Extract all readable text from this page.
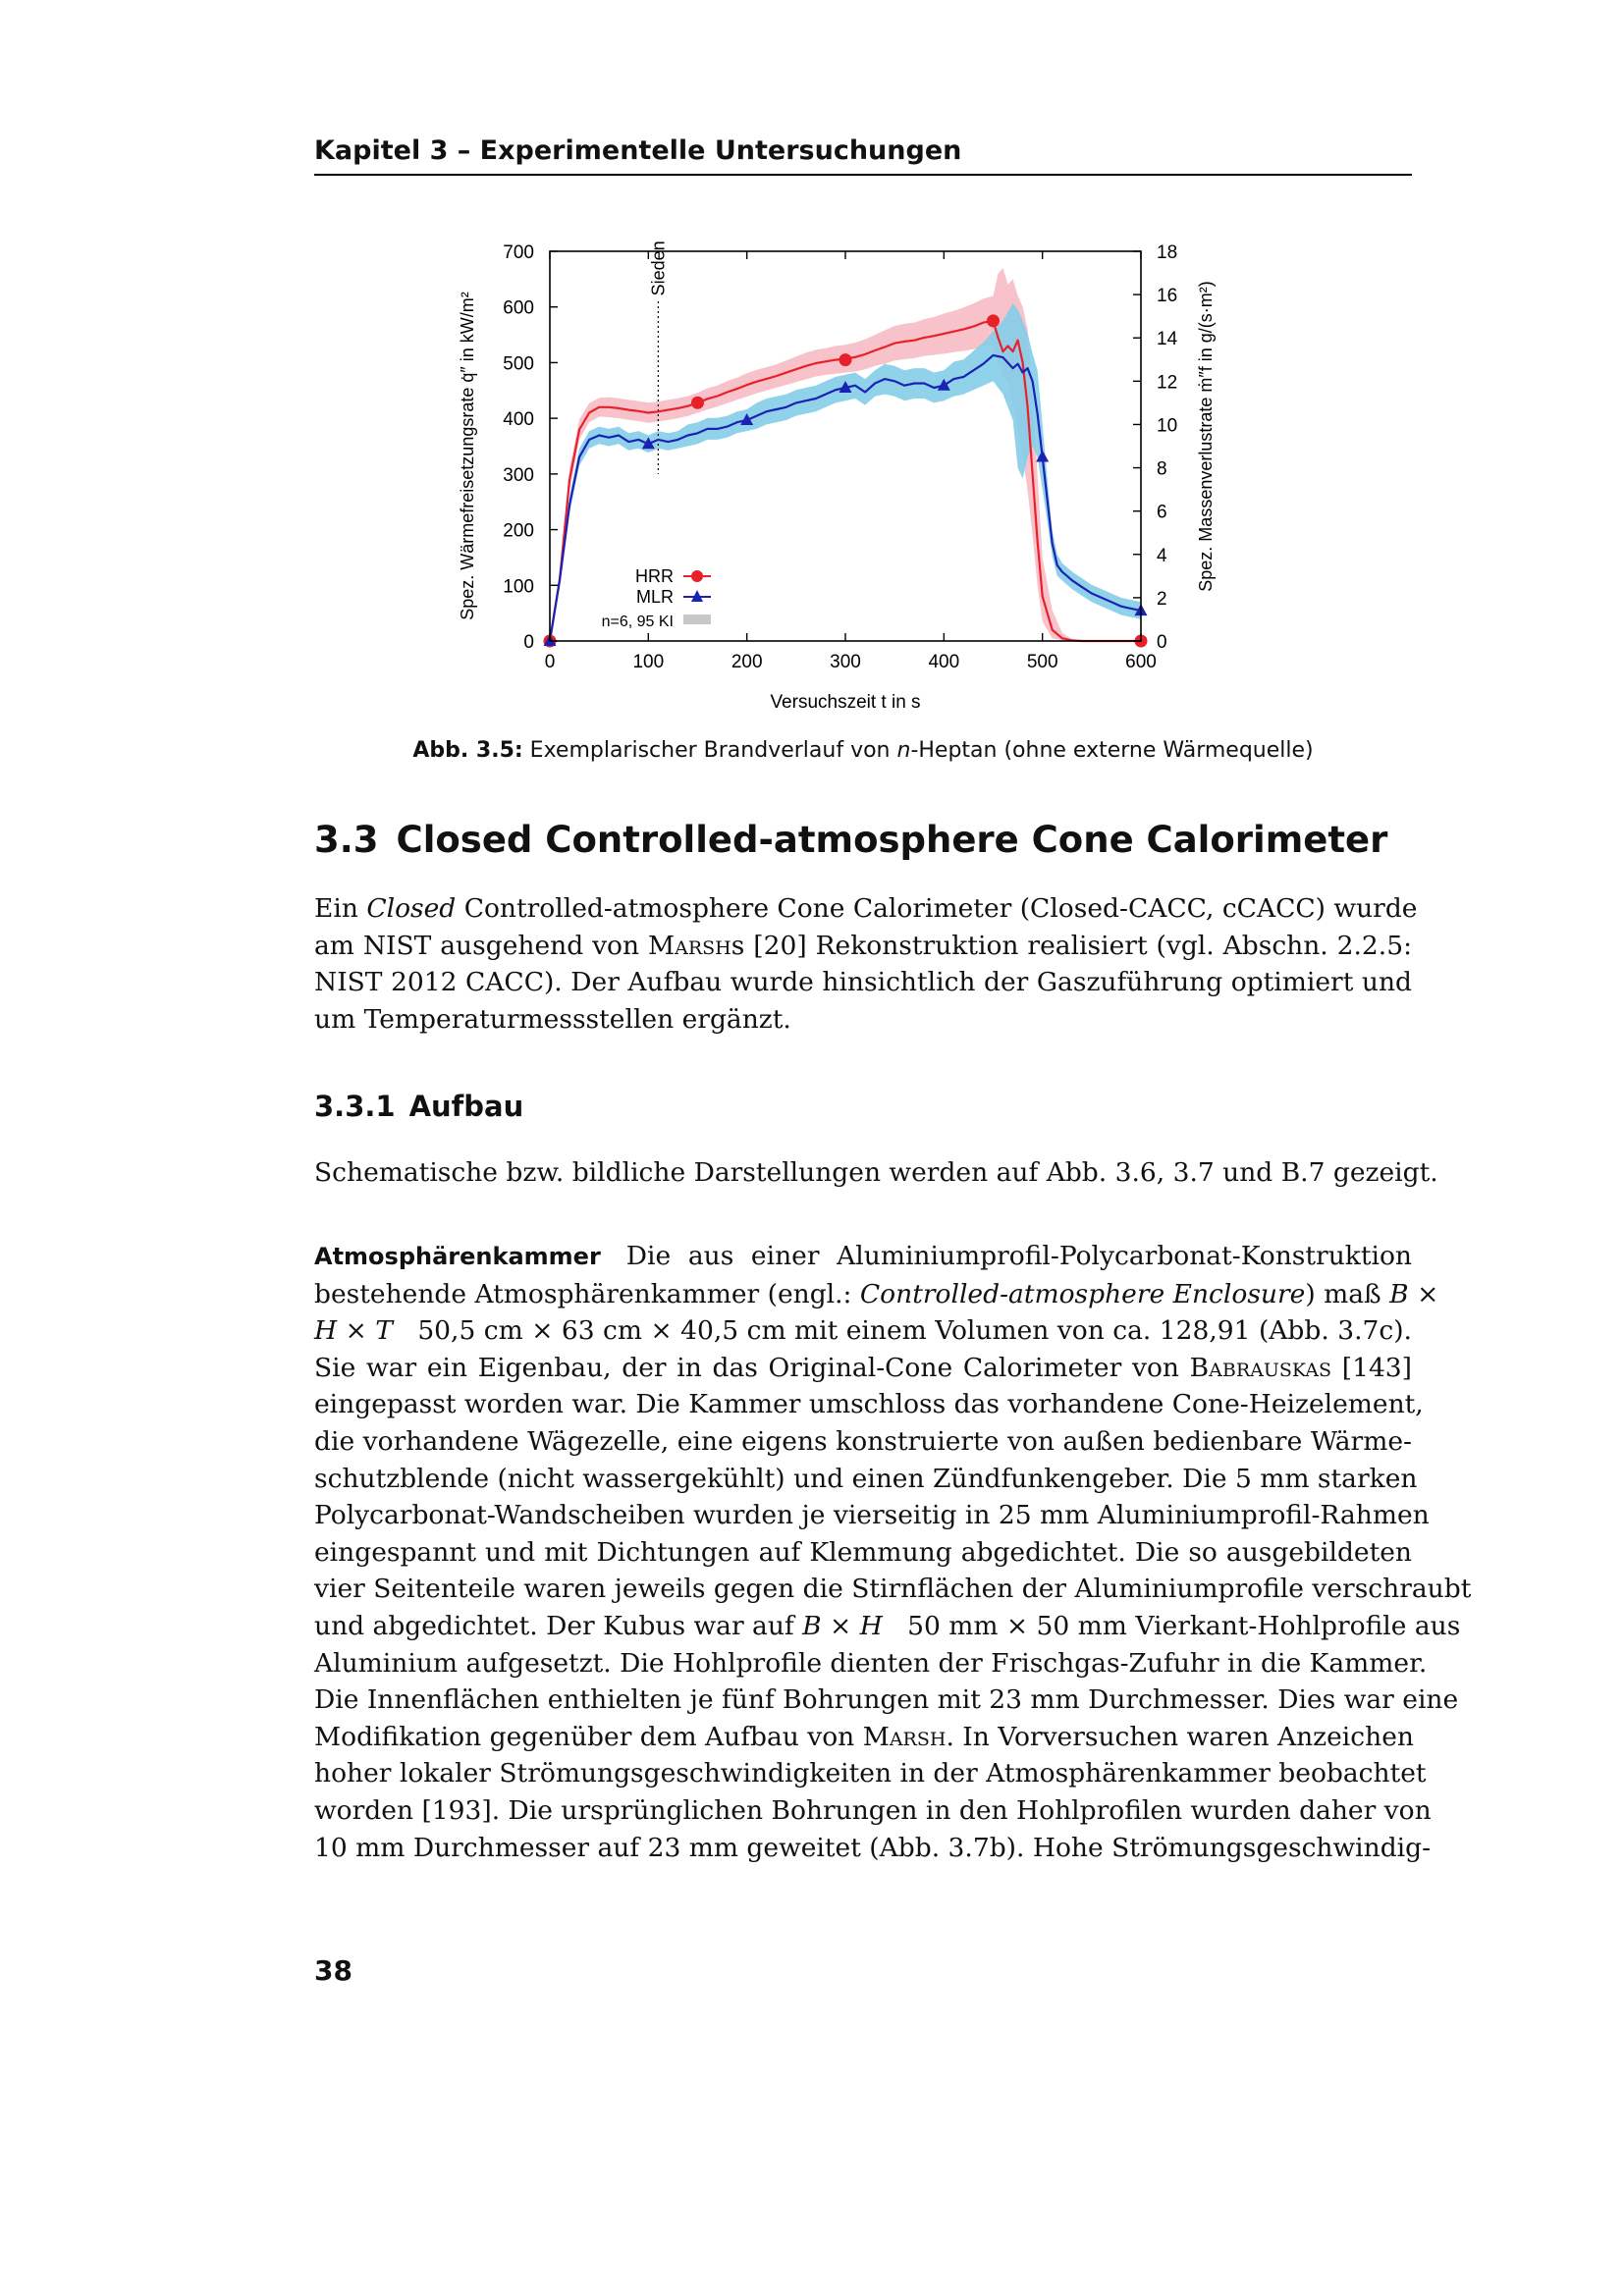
Kapitel 3 – Experimentelle Untersuchungen
Sieden
0	100	200	300	400	500	600
0
100
200
300
400
500
600
700
0
2
4
6
8
10
12
14
16
18
Versuchszeit t in s
Spez. Wärmefreisetzungsrate q̇″ in kW/m²	Spez. Massenverlustrate ṁ″f in g/(s·m²)
HRR
MLR
n=6, 95 KI
Abb. 3.5: Exemplarischer Brandverlauf von n-Heptan (ohne externe Wärmequelle)
3.3 Closed Controlled-atmosphere Cone Calorimeter
Ein Closed Controlled-atmosphere Cone Calorimeter (Closed-CACC, cCACC) wurde
am NIST ausgehend von Marshs [20] Rekonstruktion realisiert (vgl. Abschn. 2.2.5:
NIST 2012 CACC). Der Aufbau wurde hinsichtlich der Gaszuführung optimiert und
um Temperaturmessstellen ergänzt.
3.3.1 Aufbau
Schematische bzw. bildliche Darstellungen werden auf Abb. 3.6, 3.7 und B.7 gezeigt.
Atmosphärenkammer Die aus einer Aluminiumprofil-Polycarbonat-Konstruktion
bestehende Atmosphärenkammer (engl.: Controlled-atmosphere Enclosure) maß B ×
H × T   50,5 cm × 63 cm × 40,5 cm mit einem Volumen von ca. 128,91 (Abb. 3.7c).
Sie war ein Eigenbau, der in das Original-Cone Calorimeter von Babrauskas [143]
eingepasst worden war. Die Kammer umschloss das vorhandene Cone-Heizelement,
die vorhandene Wägezelle, eine eigens konstruierte von außen bedienbare Wärme-
schutzblende (nicht wassergekühlt) und einen Zündfunkengeber. Die 5 mm starken
Polycarbonat-Wandscheiben wurden je vierseitig in 25 mm Aluminiumprofil-Rahmen
eingespannt und mit Dichtungen auf Klemmung abgedichtet. Die so ausgebildeten
vier Seitenteile waren jeweils gegen die Stirnflächen der Aluminiumprofile verschraubt
und abgedichtet. Der Kubus war auf B × H   50 mm × 50 mm Vierkant-Hohlprofile aus
Aluminium aufgesetzt. Die Hohlprofile dienten der Frischgas-Zufuhr in die Kammer.
Die Innenflächen enthielten je fünf Bohrungen mit 23 mm Durchmesser. Dies war eine
Modifikation gegenüber dem Aufbau von Marsh. In Vorversuchen waren Anzeichen
hoher lokaler Strömungsgeschwindigkeiten in der Atmosphärenkammer beobachtet
worden [193]. Die ursprünglichen Bohrungen in den Hohlprofilen wurden daher von
10 mm Durchmesser auf 23 mm geweitet (Abb. 3.7b). Hohe Strömungsgeschwindig-
38
